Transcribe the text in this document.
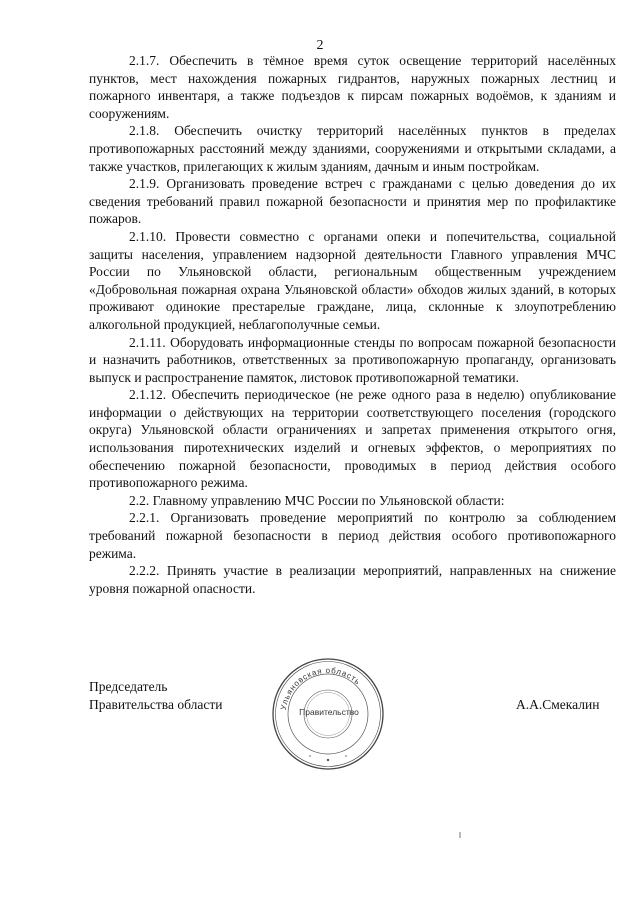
2

2.1.7. Обеспечить в тёмное время суток освещение территорий населённых пунктов, мест нахождения пожарных гидрантов, наружных пожарных лестниц и пожарного инвентаря, а также подъездов к пирсам пожарных водоёмов, к зданиям и сооружениям.

2.1.8. Обеспечить очистку территорий населённых пунктов в пределах противопожарных расстояний между зданиями, сооружениями и открытыми складами, а также участков, прилегающих к жилым зданиям, дачным и иным постройкам.

2.1.9. Организовать проведение встреч с гражданами с целью доведения до их сведения требований правил пожарной безопасности и принятия мер по профилактике пожаров.

2.1.10. Провести совместно с органами опеки и попечительства, социальной защиты населения, управлением надзорной деятельности Главного управления МЧС России по Ульяновской области, региональным общественным учреждением «Добровольная пожарная охрана Ульяновской области» обходов жилых зданий, в которых проживают одинокие престарелые граждане, лица, склонные к злоупотреблению алкогольной продукцией, неблагополучные семьи.

2.1.11. Оборудовать информационные стенды по вопросам пожарной безопасности и назначить работников, ответственных за противопожарную пропаганду, организовать выпуск и распространение памяток, листовок противопожарной тематики.

2.1.12. Обеспечить периодическое (не реже одного раза в неделю) опубликование информации о действующих на территории соответствующего поселения (городского округа) Ульяновской области ограничениях и запретах применения открытого огня, использования пиротехнических изделий и огневых эффектов, о мероприятиях по обеспечению пожарной безопасности, проводимых в период действия особого противопожарного режима.

2.2. Главному управлению МЧС России по Ульяновской области:

2.2.1. Организовать проведение мероприятий по контролю за соблюдением требований пожарной безопасности в период действия особого противопожарного режима.

2.2.2. Принять участие в реализации мероприятий, направленных на снижение уровня пожарной опасности.

Председатель
Правительства области	Ульяновская область
Правительство	А.А.Смекалин
